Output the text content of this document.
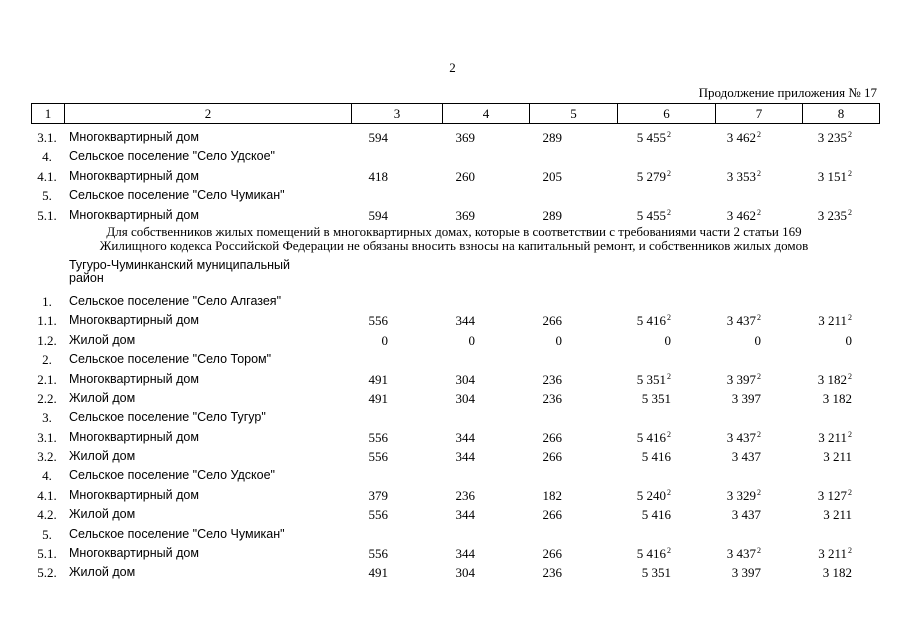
2
Продолжение приложения № 17
1	2	3	4	5	6	7	8
3.1. Многоквартирный дом	594	369	289	5 $455^2$	3 $462^2$	3 $235^2$
4.	Сельское поселение "Село Удское"
4.1. Многоквартирный дом	418	260	205	5 $279^2$	3 $353^2$	3 $151^2$
5.	Сельское поселение "Село Чумикан"
5.1. Многоквартирный дом	594	369	289	5 $455^2$	3 $462^2$	3 $235^2$
Для собственников жилых помещений в многоквартирных домах, которые в соответствии с требованиями части 2 статьи 169
Жилищного кодекса Российской Федерации не обязаны вносить взносы на капитальный ремонт, и собственников жилых домов
Тугуро-Чуминканский муниципальный
район
1.	Сельское поселение "Село Алгазея"
1.1. Многоквартирный дом	556	344	266	5 $416^2$	3 $437^2$	3 $211^2$
1.2. Жилой дом	0	0	0	0	0	0
2.	Сельское поселение "Село Тором"
2.1. Многоквартирный дом	491	304	236	5 $351^2$	3 $397^2$	3 $182^2$
2.2. Жилой дом	491	304	236	5 351	3 397	3 182
3.	Сельское поселение "Село Тугур"
3.1. Многоквартирный дом	556	344	266	5 $416^2$	3 $437^2$	3 $211^2$
3.2. Жилой дом	556	344	266	5 416	3 437	3 211
4.	Сельское поселение "Село Удское"
4.1. Многоквартирный дом	379	236	182	5 $240^2$	3 $329^2$	3 $127^2$
4.2. Жилой дом	556	344	266	5 416	3 437	3 211
5.	Сельское поселение "Село Чумикан"
5.1. Многоквартирный дом	556	344	266	5 $416^2$	3 $437^2$	3 $211^2$
5.2. Жилой дом	491	304	236	5 351	3 397	3 182
